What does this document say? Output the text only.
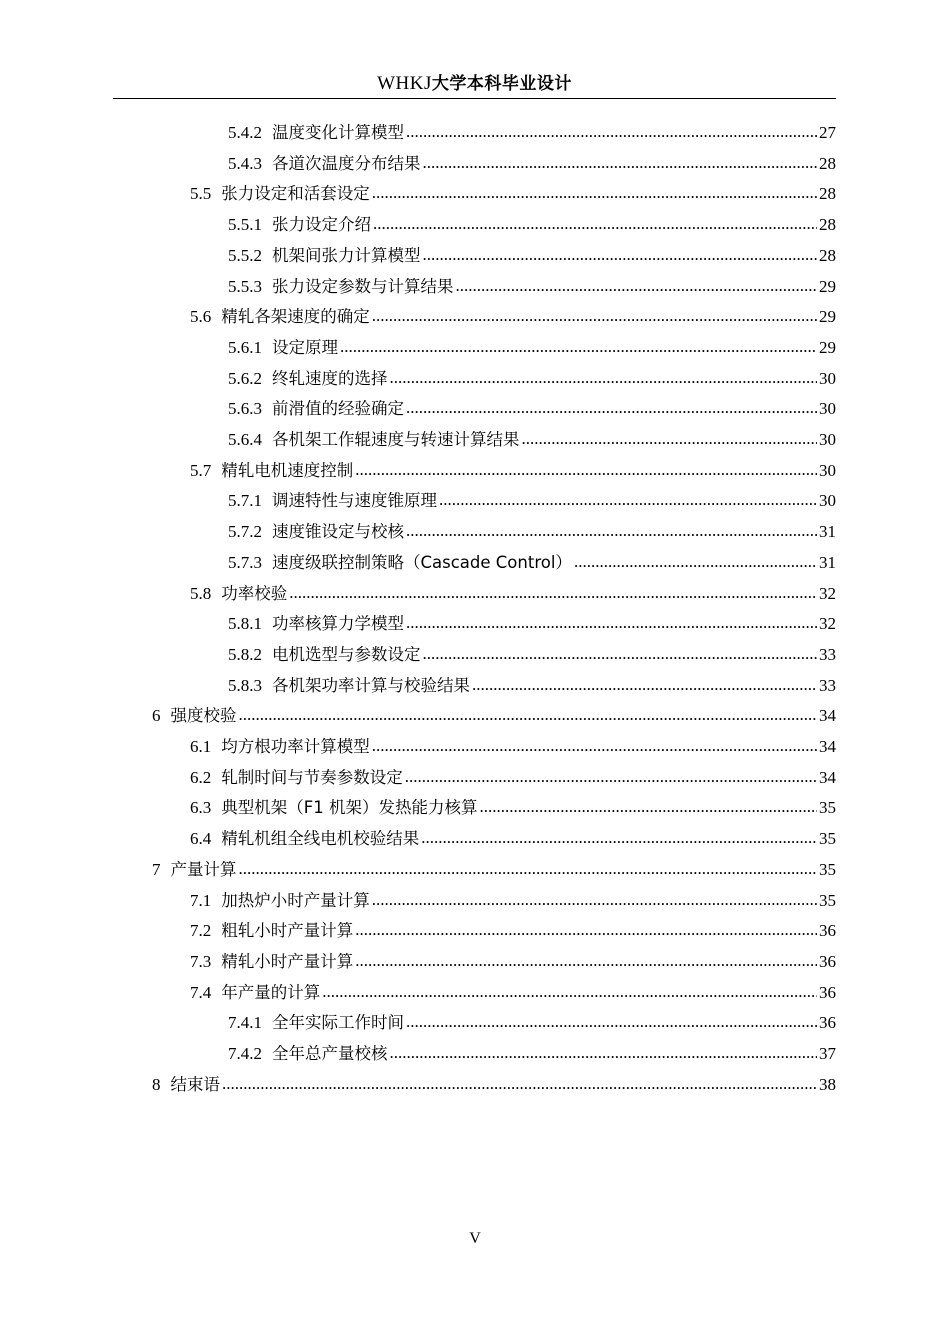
WHKJ大学本科毕业设计
5.4.2 温度变化计算模型 .....	27
5.4.3 各道次温度分布结果 .....	28
5.5 张力设定和活套设定 .....	28
5.5.1 张力设定介绍 .....	28
5.5.2 机架间张力计算模型 .....	28
5.5.3 张力设定参数与计算结果 .....	29
5.6 精轧各架速度的确定 .....	29
5.6.1 设定原理 .....	29
5.6.2 终轧速度的选择 .....	30
5.6.3 前滑值的经验确定 .....	30
5.6.4 各机架工作辊速度与转速计算结果 .....	30
5.7 精轧电机速度控制 .....	30
5.7.1 调速特性与速度锥原理 .....	30
5.7.2 速度锥设定与校核 .....	31
5.7.3 速度级联控制策略（Cascade Control） .....	31
5.8 功率校验 .....	32
5.8.1 功率核算力学模型 .....	32
5.8.2 电机选型与参数设定 .....	33
5.8.3 各机架功率计算与校验结果 .....	33
6 强度校验 .....	34
6.1 均方根功率计算模型 .....	34
6.2 轧制时间与节奏参数设定 .....	34
6.3 典型机架（F1 机架）发热能力核算 .....	35
6.4 精轧机组全线电机校验结果 .....	35
7 产量计算 .....	35
7.1 加热炉小时产量计算 .....	35
7.2 粗轧小时产量计算 .....	36
7.3 精轧小时产量计算 .....	36
7.4 年产量的计算 .....	36
7.4.1 全年实际工作时间 .....	36
7.4.2 全年总产量校核 .....	37
8 结束语 .....	38
V
